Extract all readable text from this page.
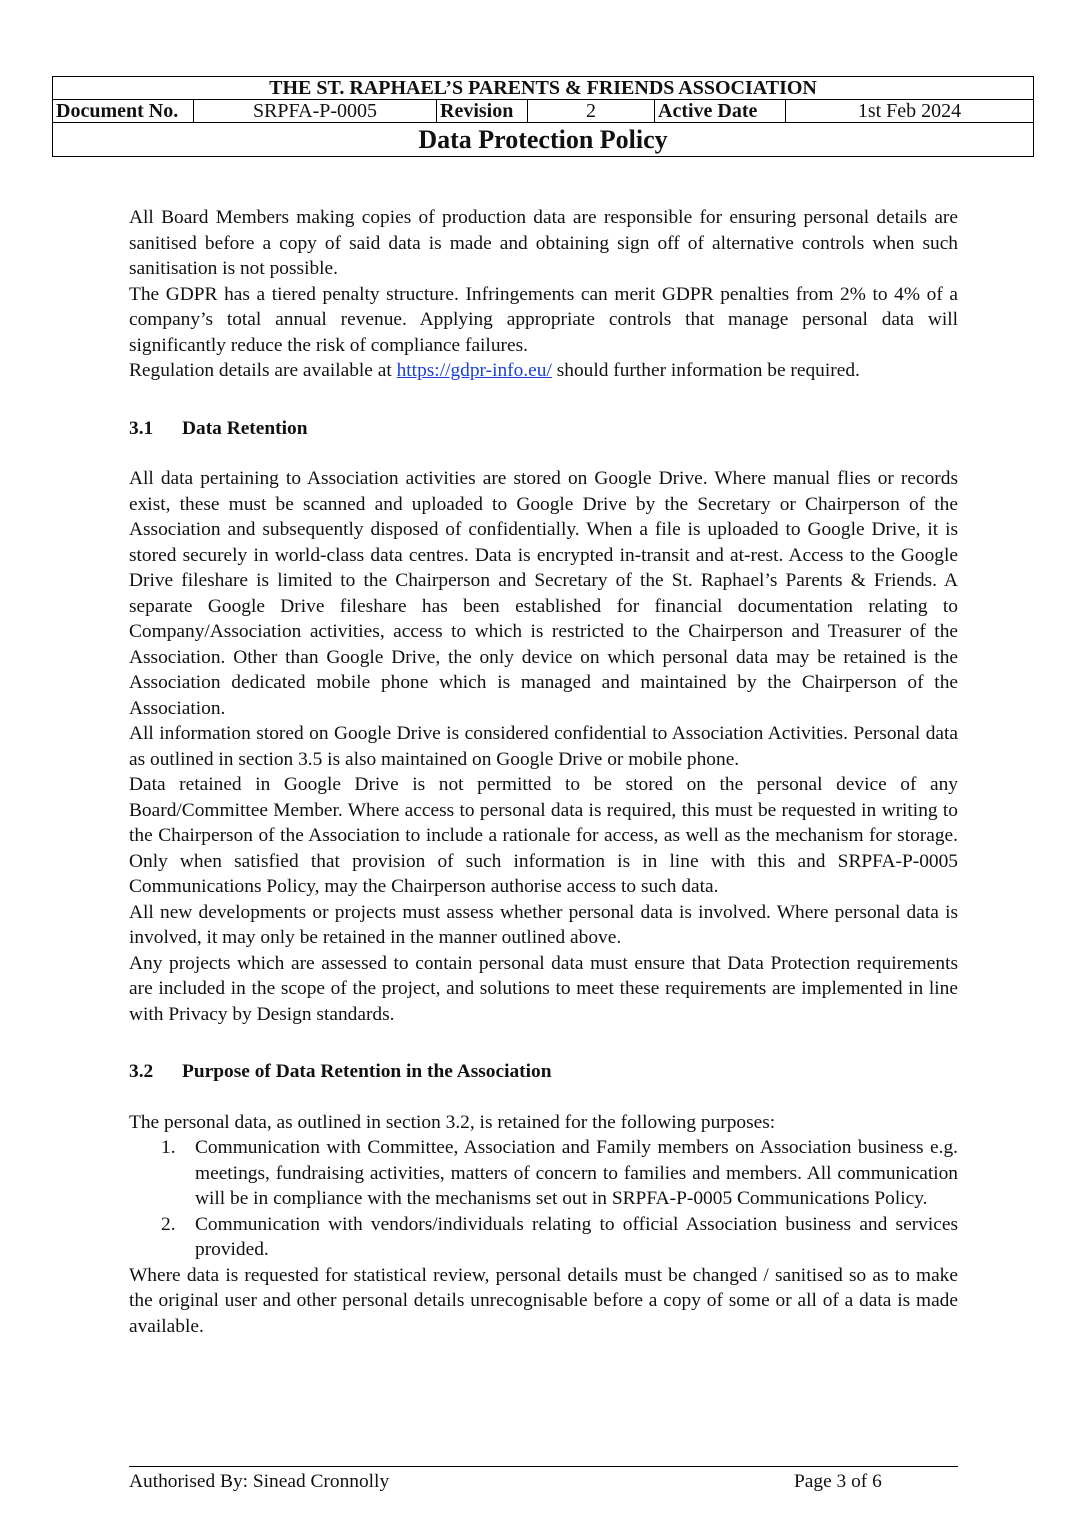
THE ST. RAPHAEL’S PARENTS & FRIENDS ASSOCIATION
Document No.	SRPFA-P-0005	Revision	2	Active Date	1st Feb 2024
Data Protection Policy

All Board Members making copies of production data are responsible for ensuring personal details are sanitised before a copy of said data is made and obtaining sign off of alternative controls when such sanitisation is not possible.

The GDPR has a tiered penalty structure. Infringements can merit GDPR penalties from 2% to 4% of a company’s total annual revenue. Applying appropriate controls that manage personal data will significantly reduce the risk of compliance failures.

Regulation details are available at https://gdpr-info.eu/ should further information be required.

3.1 Data Retention

All data pertaining to Association activities are stored on Google Drive. Where manual flies or records exist, these must be scanned and uploaded to Google Drive by the Secretary or Chairperson of the Association and subsequently disposed of confidentially. When a file is uploaded to Google Drive, it is stored securely in world-class data centres. Data is encrypted in-transit and at-rest. Access to the Google Drive fileshare is limited to the Chairperson and Secretary of the St. Raphael’s Parents & Friends. A separate Google Drive fileshare has been established for financial documentation relating to Company/Association activities, access to which is restricted to the Chairperson and Treasurer of the Association. Other than Google Drive, the only device on which personal data may be retained is the Association dedicated mobile phone which is managed and maintained by the Chairperson of the Association.

All information stored on Google Drive is considered confidential to Association Activities. Personal data as outlined in section 3.5 is also maintained on Google Drive or mobile phone.

Data retained in Google Drive is not permitted to be stored on the personal device of any Board/Committee Member. Where access to personal data is required, this must be requested in writing to the Chairperson of the Association to include a rationale for access, as well as the mechanism for storage. Only when satisfied that provision of such information is in line with this and SRPFA-P-0005 Communications Policy, may the Chairperson authorise access to such data.

All new developments or projects must assess whether personal data is involved. Where personal data is involved, it may only be retained in the manner outlined above.

Any projects which are assessed to contain personal data must ensure that Data Protection requirements are included in the scope of the project, and solutions to meet these requirements are implemented in line with Privacy by Design standards.

3.2 Purpose of Data Retention in the Association

The personal data, as outlined in section 3.2, is retained for the following purposes:

1. Communication with Committee, Association and Family members on Association business e.g. meetings, fundraising activities, matters of concern to families and members. All communication will be in compliance with the mechanisms set out in SRPFA-P-0005 Communications Policy.
2. Communication with vendors/individuals relating to official Association business and services provided.

Where data is requested for statistical review, personal details must be changed / sanitised so as to make the original user and other personal details unrecognisable before a copy of some or all of a data is made available.

Authorised By: Sinead Cronnolly	Page 3 of 6
